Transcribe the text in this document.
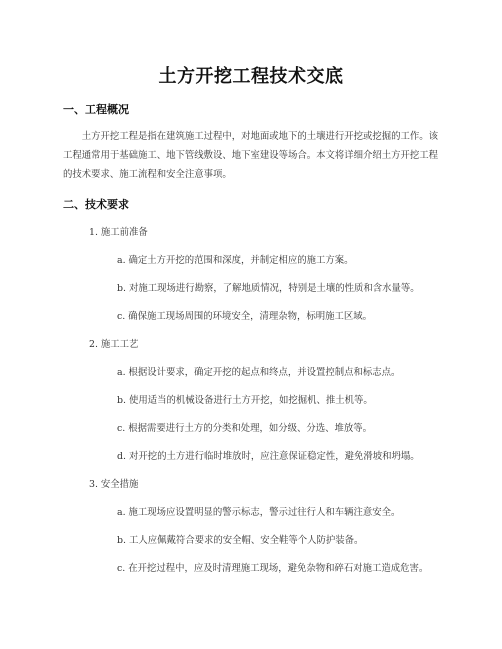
土方开挖工程技术交底
一、工程概况
土方开挖工程是指在建筑施工过程中，对地面或地下的土壤进行开挖或挖掘的工作。该工程通常用于基础施工、地下管线敷设、地下室建设等场合。本文将详细介绍土方开挖工程的技术要求、施工流程和安全注意事项。
二、技术要求
1. 施工前准备
a. 确定土方开挖的范围和深度，并制定相应的施工方案。
b. 对施工现场进行勘察，了解地质情况，特别是土壤的性质和含水量等。
c. 确保施工现场周围的环境安全，清理杂物，标明施工区域。
2. 施工工艺
a. 根据设计要求，确定开挖的起点和终点，并设置控制点和标志点。
b. 使用适当的机械设备进行土方开挖，如挖掘机、推土机等。
c. 根据需要进行土方的分类和处理，如分级、分选、堆放等。
d. 对开挖的土方进行临时堆放时，应注意保证稳定性，避免滑坡和坍塌。
3. 安全措施
a. 施工现场应设置明显的警示标志，警示过往行人和车辆注意安全。
b. 工人应佩戴符合要求的安全帽、安全鞋等个人防护装备。
c. 在开挖过程中，应及时清理施工现场，避免杂物和碎石对施工造成危害。
